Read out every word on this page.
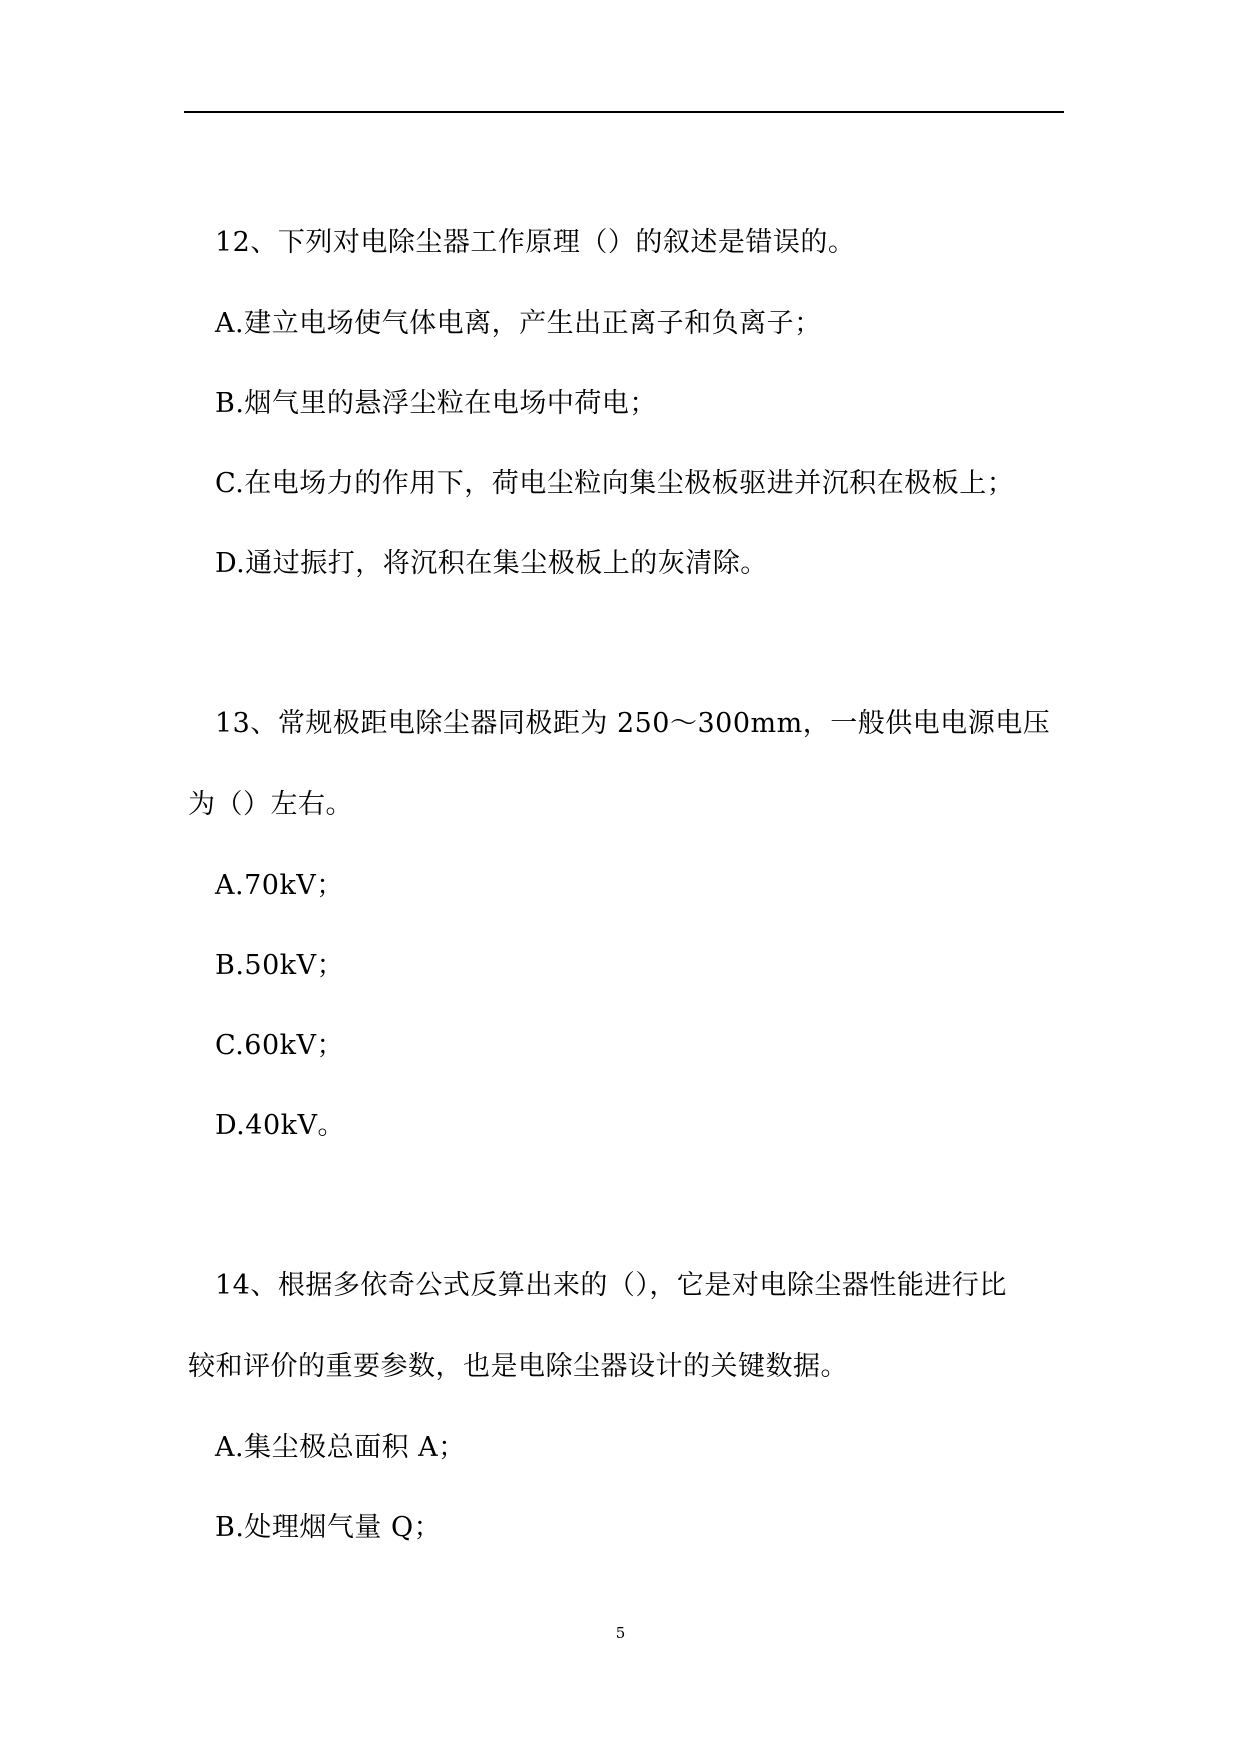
12、下列对电除尘器工作原理（）的叙述是错误的。
A.建立电场使气体电离，产生出正离子和负离子；
B.烟气里的悬浮尘粒在电场中荷电；
C.在电场力的作用下，荷电尘粒向集尘极板驱进并沉积在极板上；
D.通过振打，将沉积在集尘极板上的灰清除。
13、常规极距电除尘器同极距为 250～300mm，一般供电电源电压
为（）左右。
A.70kV；
B.50kV；
C.60kV；
D.40kV。
14、根据多依奇公式反算出来的（），它是对电除尘器性能进行比
较和评价的重要参数，也是电除尘器设计的关键数据。
A.集尘极总面积 A；
B.处理烟气量 Q；
5
